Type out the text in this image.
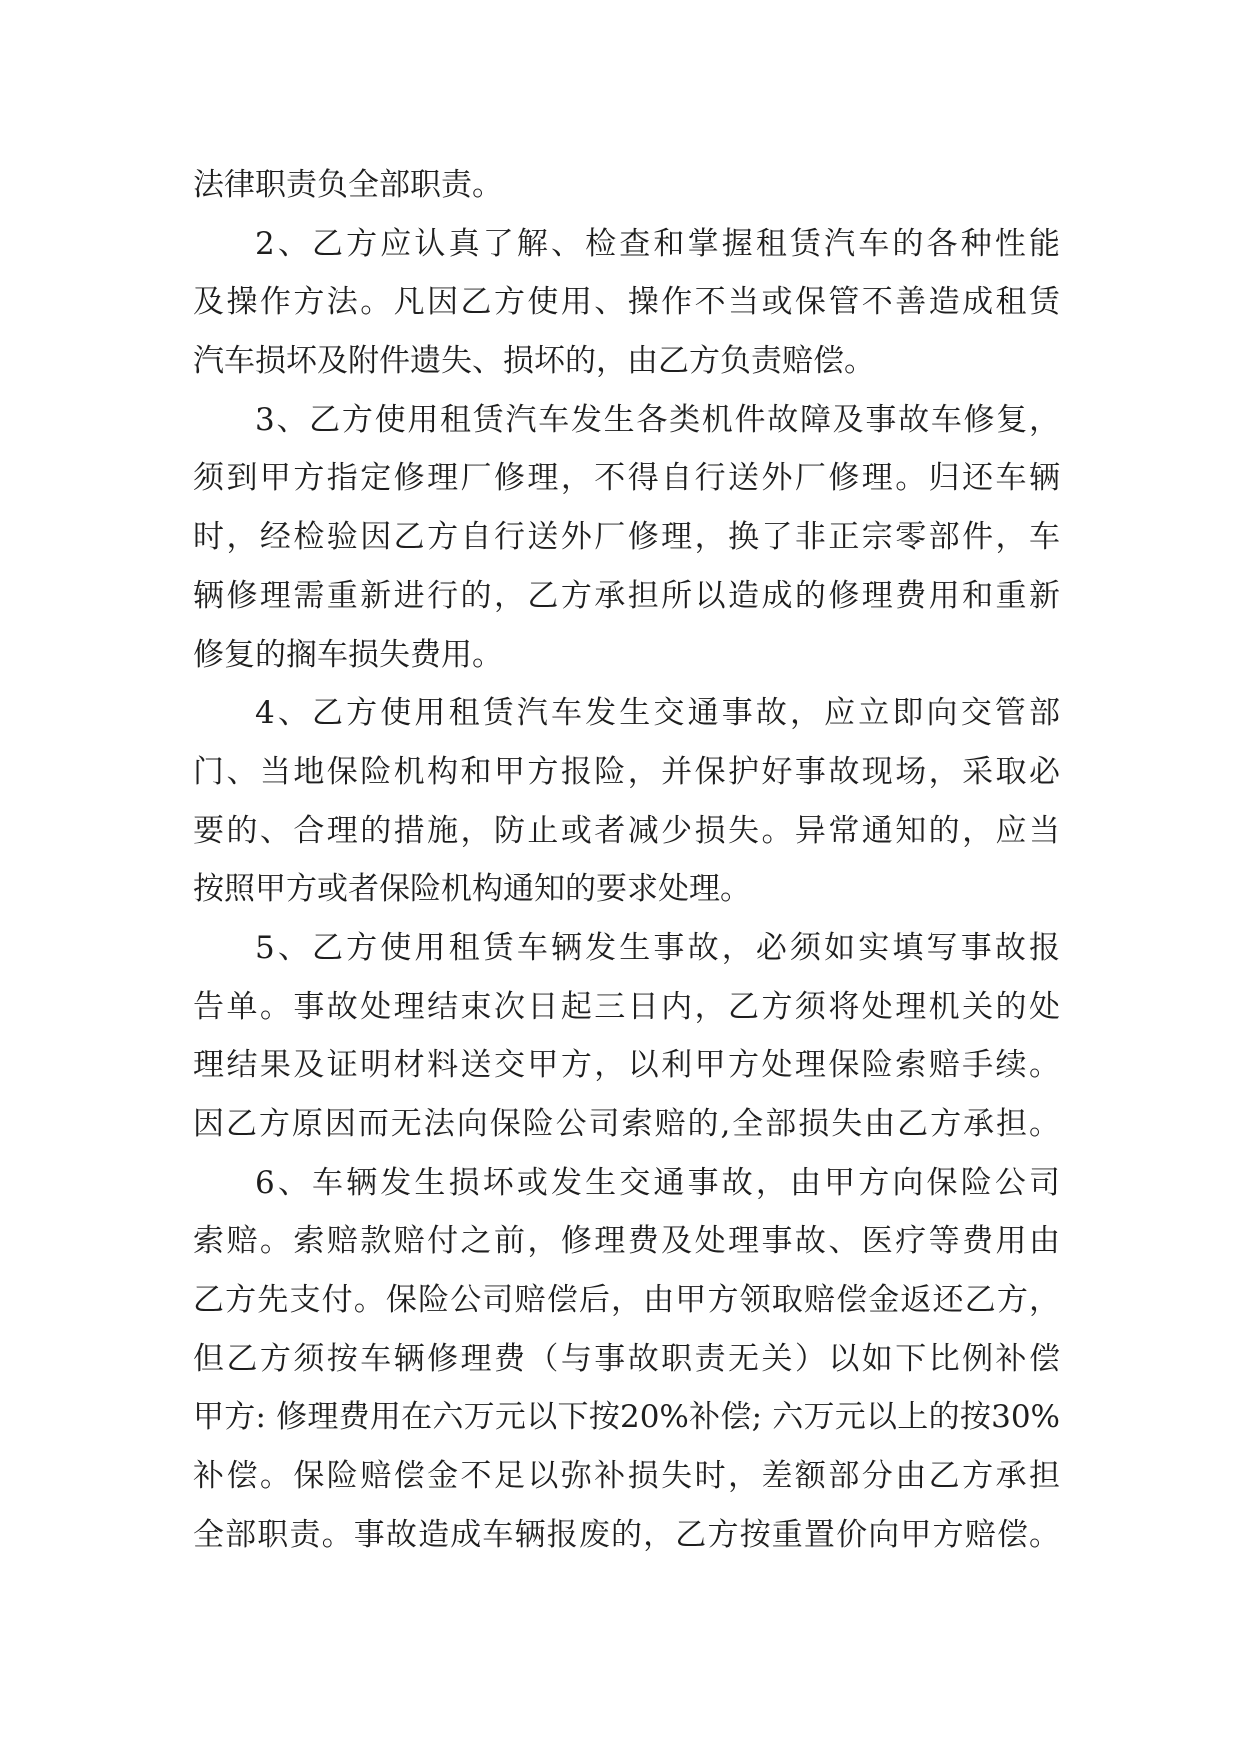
法律职责负全部职责。
2、乙方应认真了解、检查和掌握租赁汽车的各种性能
及操作方法。凡因乙方使用、操作不当或保管不善造成租赁
汽车损坏及附件遗失、损坏的，由乙方负责赔偿。
3、乙方使用租赁汽车发生各类机件故障及事故车修复，
须到甲方指定修理厂修理，不得自行送外厂修理。归还车辆
时，经检验因乙方自行送外厂修理，换了非正宗零部件，车
辆修理需重新进行的，乙方承担所以造成的修理费用和重新
修复的搁车损失费用。
4、乙方使用租赁汽车发生交通事故，应立即向交管部
门、当地保险机构和甲方报险，并保护好事故现场，采取必
要的、合理的措施，防止或者减少损失。异常通知的，应当
按照甲方或者保险机构通知的要求处理。
5、乙方使用租赁车辆发生事故，必须如实填写事故报
告单。事故处理结束次日起三日内，乙方须将处理机关的处
理结果及证明材料送交甲方，以利甲方处理保险索赔手续。
因乙方原因而无法向保险公司索赔的,全部损失由乙方承担。
6、车辆发生损坏或发生交通事故，由甲方向保险公司
索赔。索赔款赔付之前，修理费及处理事故、医疗等费用由
乙方先支付。保险公司赔偿后，由甲方领取赔偿金返还乙方，
但乙方须按车辆修理费（与事故职责无关）以如下比例补偿
甲方: 修理费用在六万元以下按20%补偿; 六万元以上的按30%
补偿。保险赔偿金不足以弥补损失时，差额部分由乙方承担
全部职责。事故造成车辆报废的，乙方按重置价向甲方赔偿。
